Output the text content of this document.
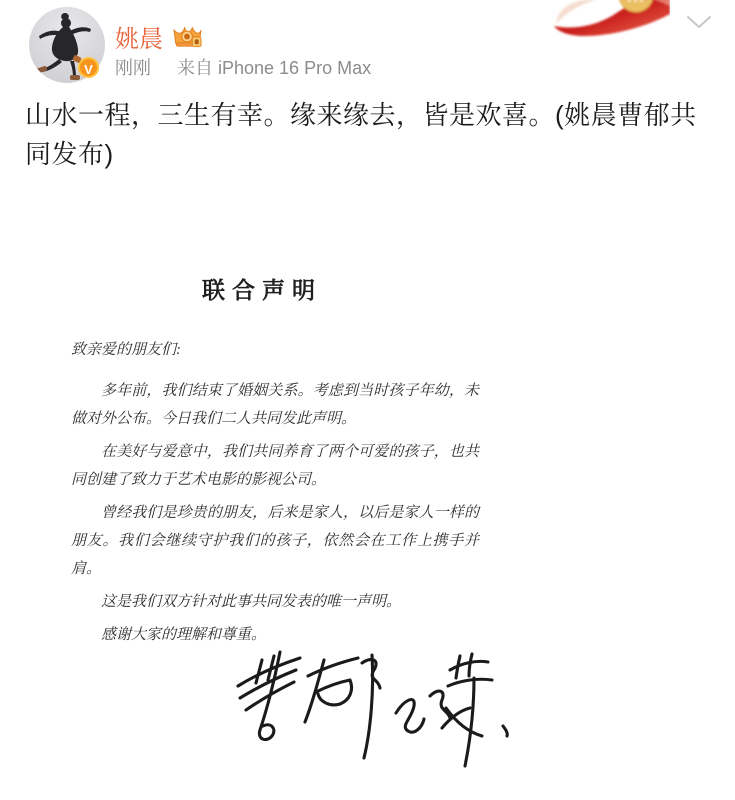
V
姚晨
刚刚 来自 iPhone 16 Pro Max
山水一程，三生有幸。缘来缘去，皆是欢喜。(姚晨曹郁共同发布)
联合声明

致亲爱的朋友们:

多年前，我们结束了婚姻关系。考虑到当时孩子年幼，未做对外公布。今日我们二人共同发此声明。

在美好与爱意中，我们共同养育了两个可爱的孩子，也共同创建了致力于艺术电影的影视公司。

曾经我们是珍贵的朋友，后来是家人，以后是家人一样的朋友。我们会继续守护我们的孩子，依然会在工作上携手并肩。

这是我们双方针对此事共同发表的唯一声明。

感谢大家的理解和尊重。
